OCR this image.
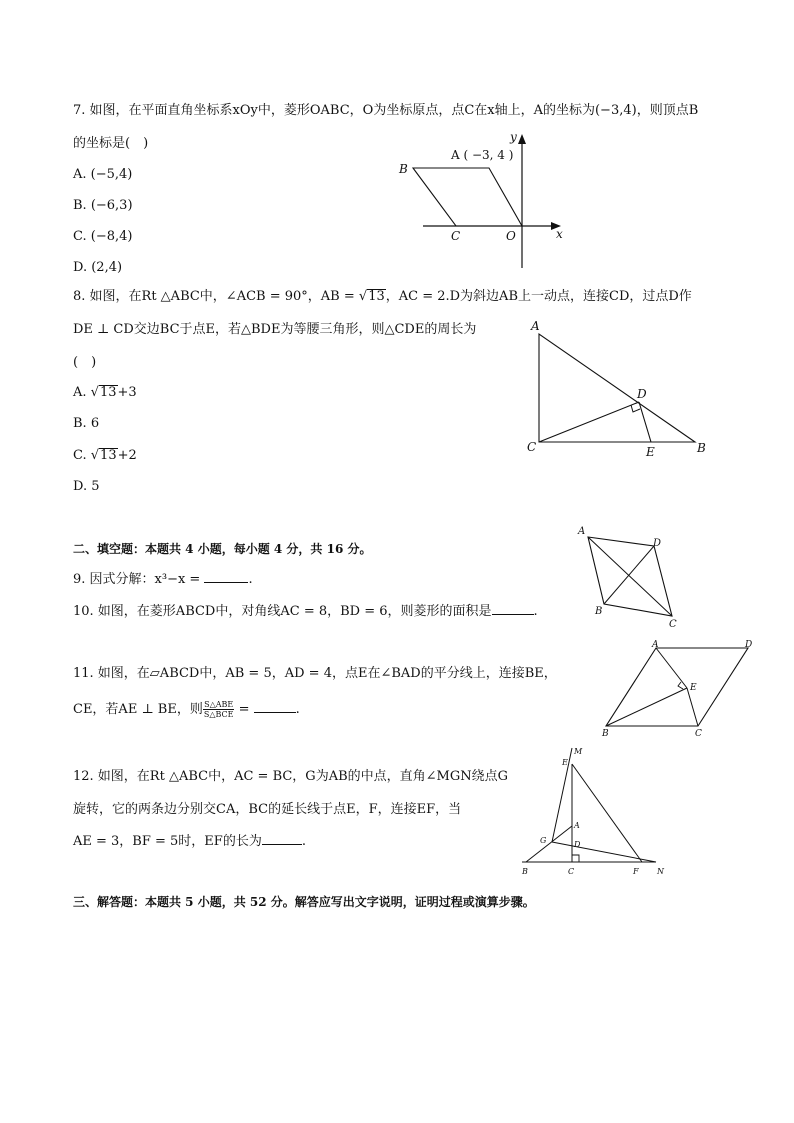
7. 如图，在平面直角坐标系xOy中，菱形OABC，O为坐标原点，点C在x轴上，A的坐标为(−3,4)，则顶点B
的坐标是(　)
A. (−5,4)
B. (−6,3)
C. (−8,4)
D. (2,4)
A ( −3, 4 )
B
C	O	x
y
8. 如图，在Rt △ABC中，∠ACB = 90°，AB = √13，AC = 2.D为斜边AB上一动点，连接CD，过点D作
DE ⊥ CD交边BC于点E，若△BDE为等腰三角形，则△CDE的周长为
(　)
A. √13+3
B. 6
C. √13+2
D. 5
A
C	B
D
E
二、填空题：本题共 4 小题，每小题 4 分，共 16 分。
9. 因式分解：x³−x =	.
10. 如图，在菱形ABCD中，对角线AC = 8，BD = 6，则菱形的面积是	.
A
D
B
C
11. 如图，在▱ABCD中，AB = 5，AD = 4，点E在∠BAD的平分线上，连接BE，
CE，若AE ⊥ BE，则 $\frac{\text{S△ABE}}{\text{S△BCE}}$ =	.
A	D
E
B	C
12. 如图，在Rt △ABC中，AC = BC，G为AB的中点，直角∠MGN绕点G
旋转，它的两条边分别交CA，BC的延长线于点E，F，连接EF，当
AE = 3，BF = 5时，EF的长为	.
M
E
A
G	D
B	C	F N
三、解答题：本题共 5 小题，共 52 分。解答应写出文字说明，证明过程或演算步骤。
